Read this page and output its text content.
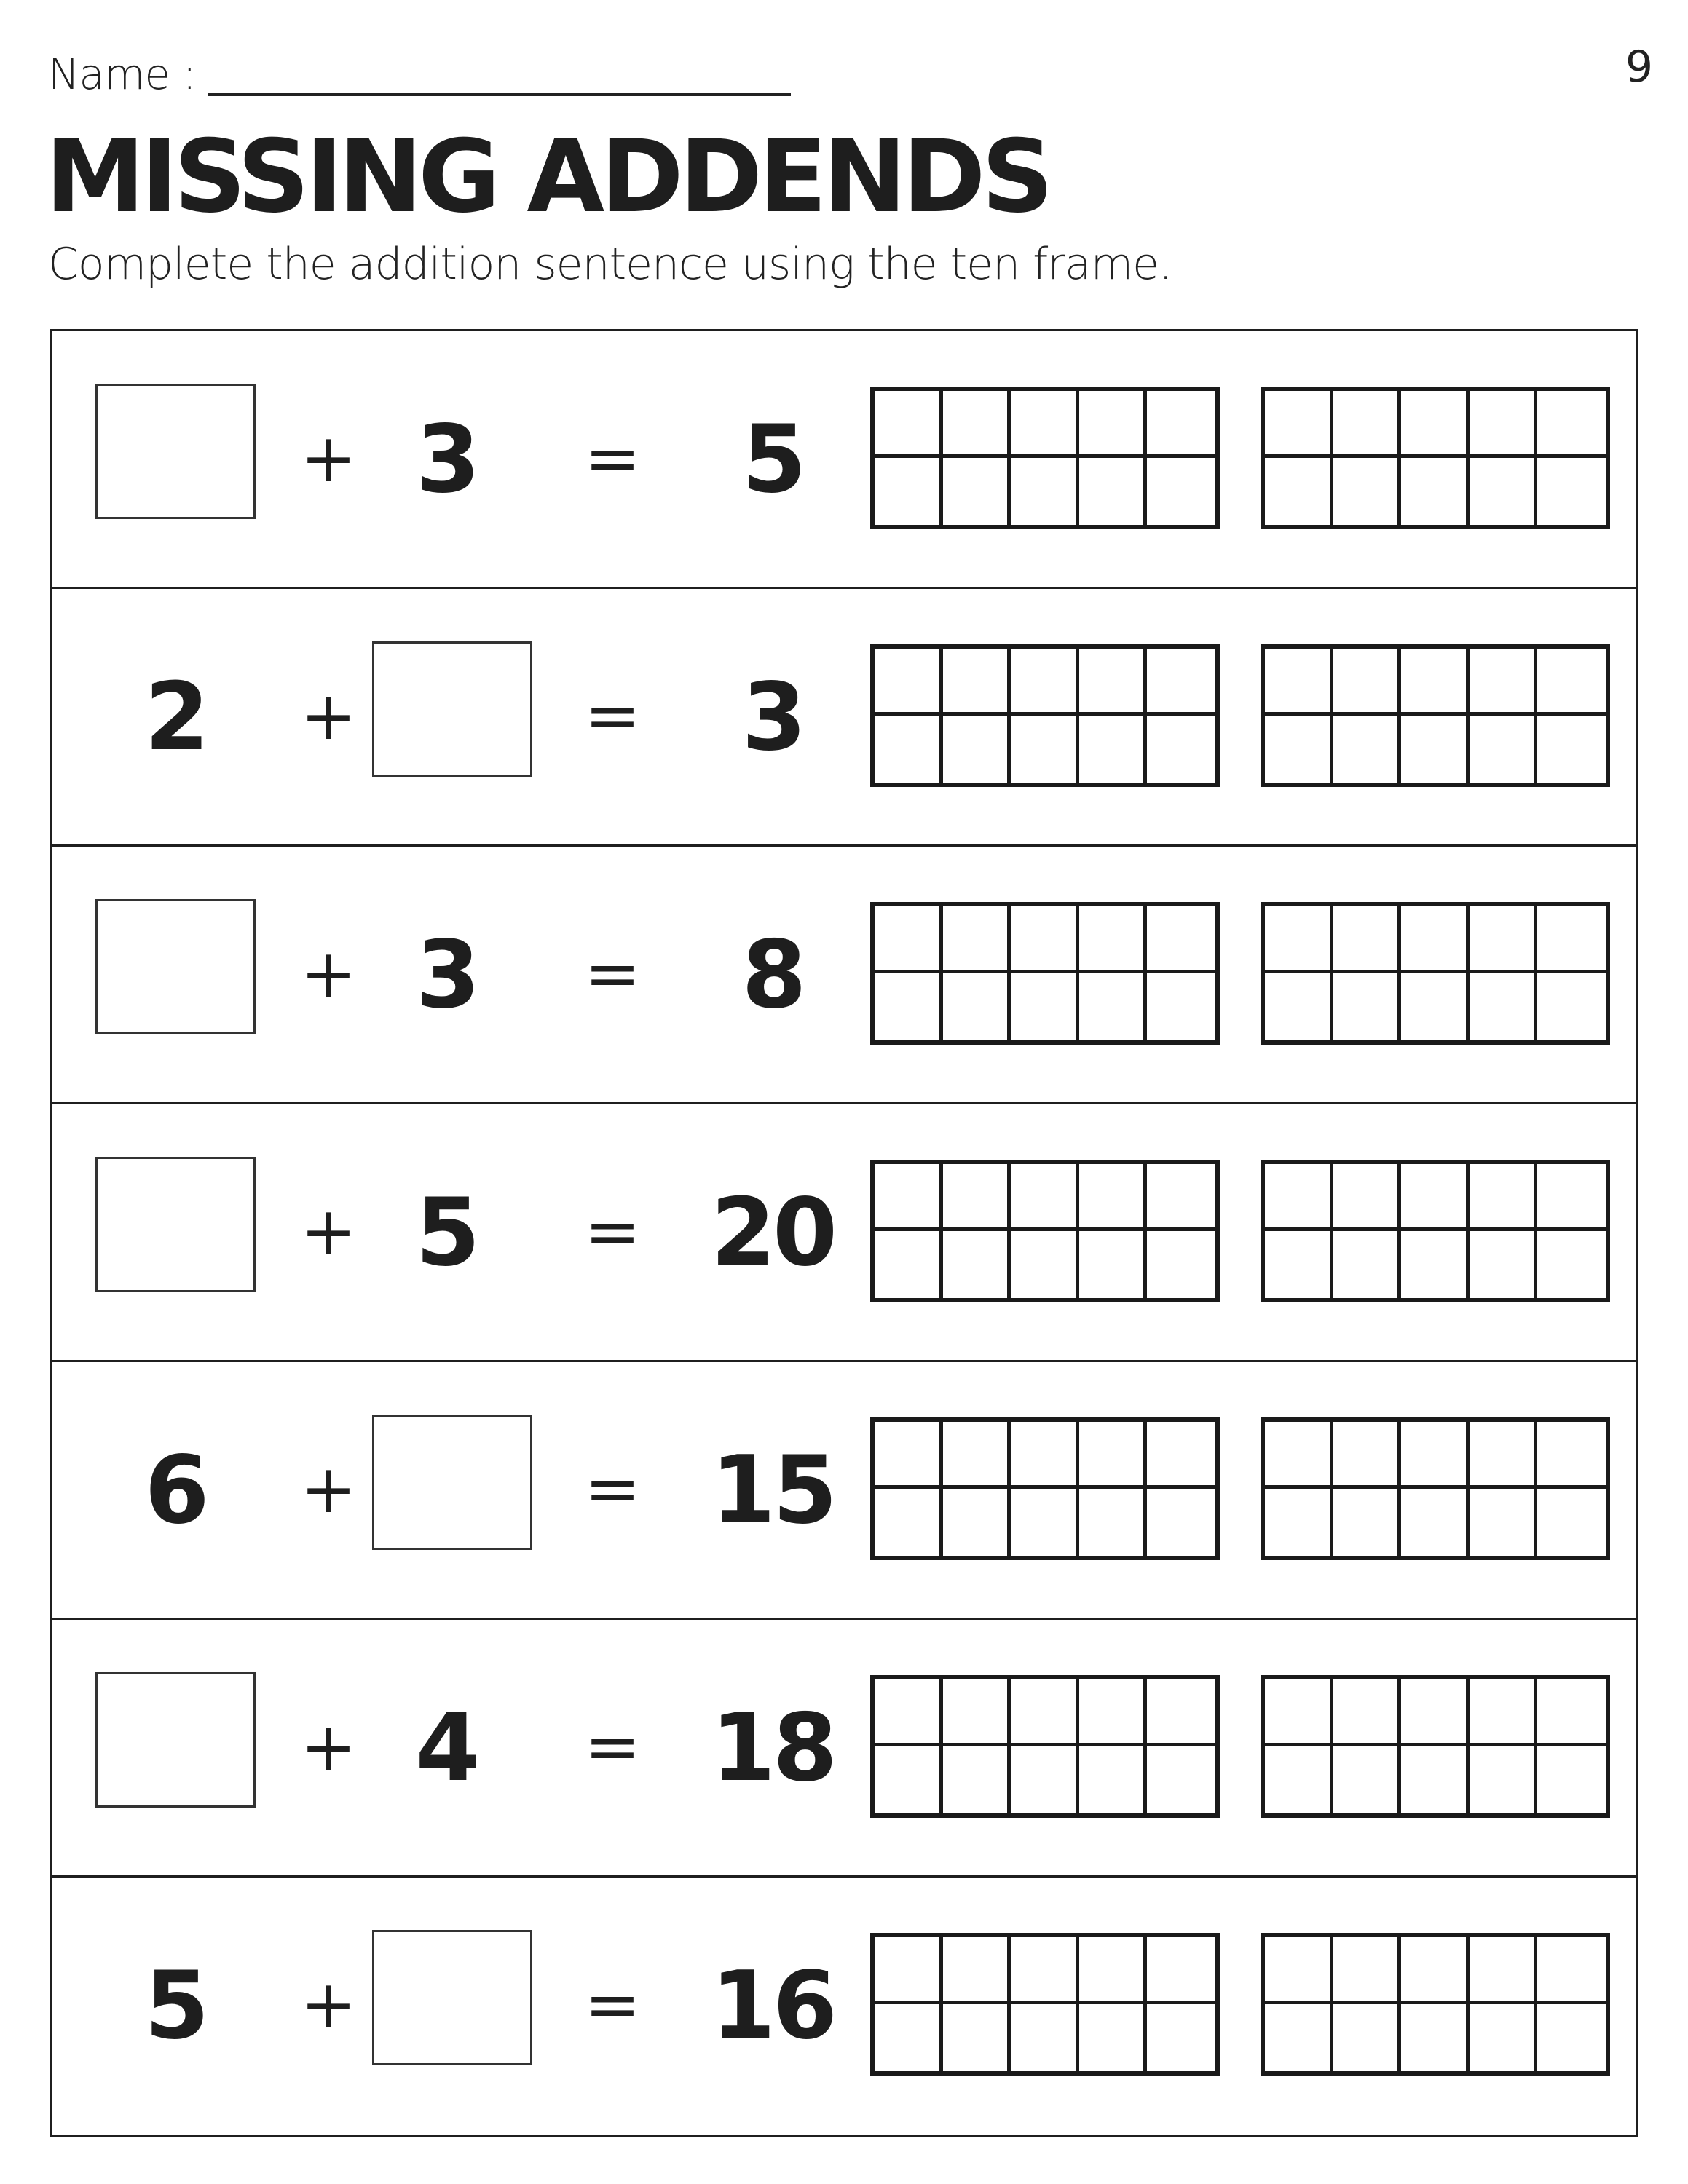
Name :	9
MISSING ADDENDS
Complete the addition sentence using the ten frame.
+ 3	=	5
2	+	=	3
+ 3	=	8
+ 5	= 20
6	+	= 15
+ 4	= 18
5	+	= 16
